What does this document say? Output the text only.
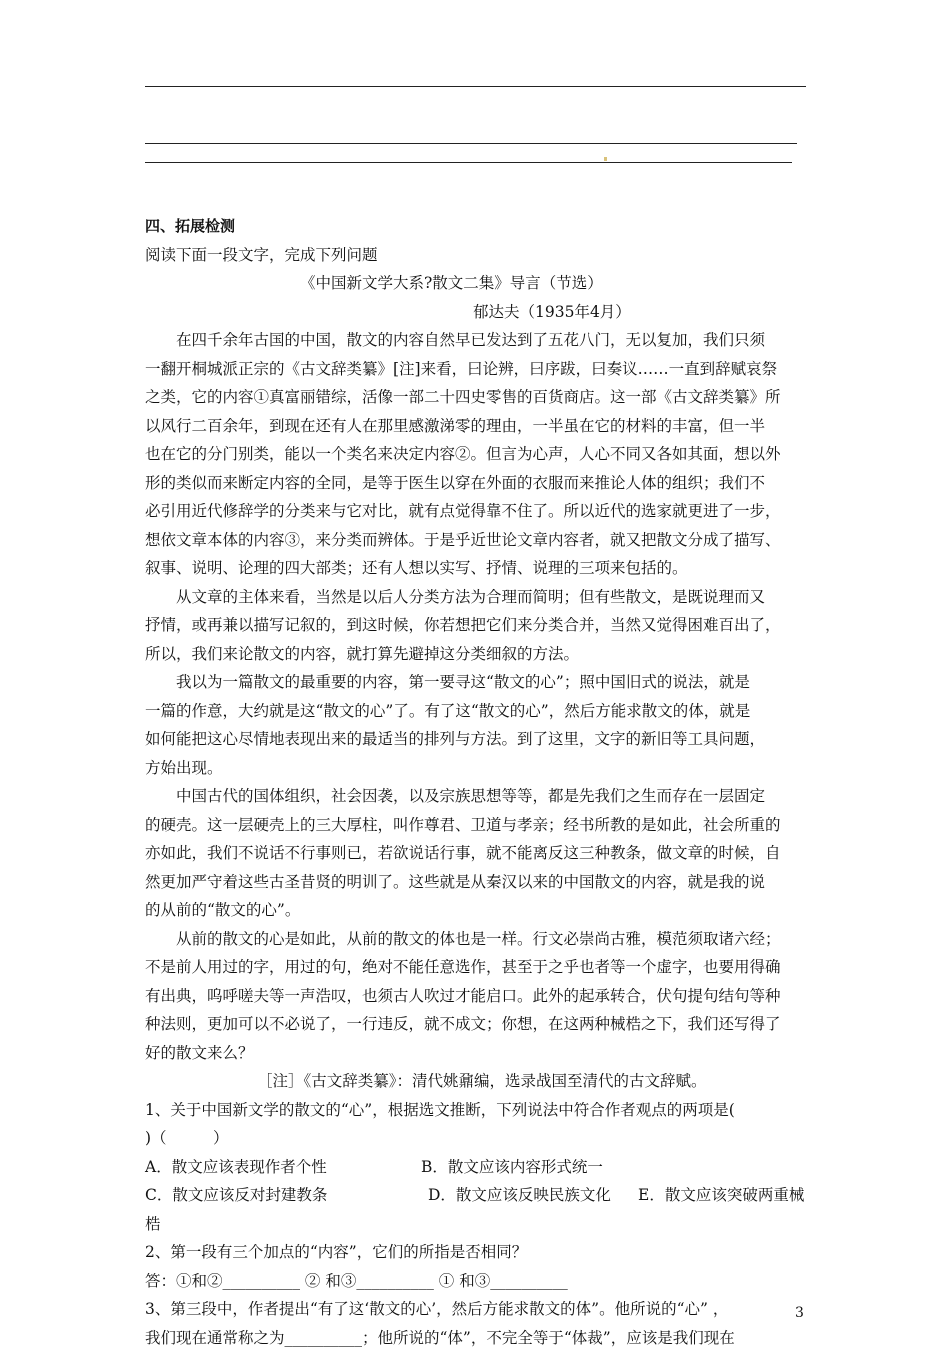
四、拓展检测
阅读下面一段文字，完成下列问题
《中国新文学大系?散文二集》导言（节选）
郁达夫（1935年4月）
在四千余年古国的中国，散文的内容自然早已发达到了五花八门，无以复加，我们只须
一翻开桐城派正宗的《古文辞类纂》[注]来看，曰论辨，曰序跋，曰奏议……一直到辞赋哀祭
之类，它的内容①真富丽错综，活像一部二十四史零售的百货商店。这一部《古文辞类纂》所
以风行二百余年，到现在还有人在那里感激涕零的理由，一半虽在它的材料的丰富，但一半
也在它的分门别类，能以一个类名来决定内容②。但言为心声，人心不同又各如其面，想以外
形的类似而来断定内容的全同，是等于医生以穿在外面的衣服而来推论人体的组织；我们不
必引用近代修辞学的分类来与它对比，就有点觉得靠不住了。所以近代的选家就更进了一步，
想依文章本体的内容③，来分类而辨体。于是乎近世论文章内容者，就又把散文分成了描写、
叙事、说明、论理的四大部类；还有人想以实写、抒情、说理的三项来包括的。
从文章的主体来看，当然是以后人分类方法为合理而简明；但有些散文，是既说理而又
抒情，或再兼以描写记叙的，到这时候，你若想把它们来分类合并，当然又觉得困难百出了，
所以，我们来论散文的内容，就打算先避掉这分类细叙的方法。
我以为一篇散文的最重要的内容，第一要寻这“散文的心”；照中国旧式的说法，就是
一篇的作意，大约就是这“散文的心”了。有了这“散文的心”，然后方能求散文的体，就是
如何能把这心尽情地表现出来的最适当的排列与方法。到了这里，文字的新旧等工具问题，
方始出现。
中国古代的国体组织，社会因袭，以及宗族思想等等，都是先我们之生而存在一层固定
的硬壳。这一层硬壳上的三大厚柱，叫作尊君、卫道与孝亲；经书所教的是如此，社会所重的
亦如此，我们不说话不行事则已，若欲说话行事，就不能离反这三种教条，做文章的时候，自
然更加严守着这些古圣昔贤的明训了。这些就是从秦汉以来的中国散文的内容，就是我的说
的从前的“散文的心”。
从前的散文的心是如此，从前的散文的体也是一样。行文必崇尚古雅，模范须取诸六经；
不是前人用过的字，用过的句，绝对不能任意选作，甚至于之乎也者等一个虚字，也要用得确
有出典，呜呼嗟夫等一声浩叹，也须古人吹过才能启口。此外的起承转合，伏句提句结句等种
种法则，更加可以不必说了，一行违反，就不成文；你想，在这两种械梏之下，我们还写得了
好的散文来么？
［注］《古文辞类纂》：清代姚鼐编，选录战国至清代的古文辞赋。
1、关于中国新文学的散文的“心”，根据选文推断，下列说法中符合作者观点的两项是(
)（　　　）
A．散文应该表现作者个性	B．散文应该内容形式统一
C．散文应该反对封建教条	D．散文应该反映民族文化	E．散文应该突破两重械
梏
2、第一段有三个加点的“内容”，它们的所指是否相同？
答：①和②__________ ② 和③__________ ① 和③__________
3、第三段中，作者提出“有了这‘散文的心’，然后方能求散文的体”。他所说的“心” ，
我们现在通常称之为__________；他所说的“体”，不完全等于“体裁”，应该是我们现在
3
